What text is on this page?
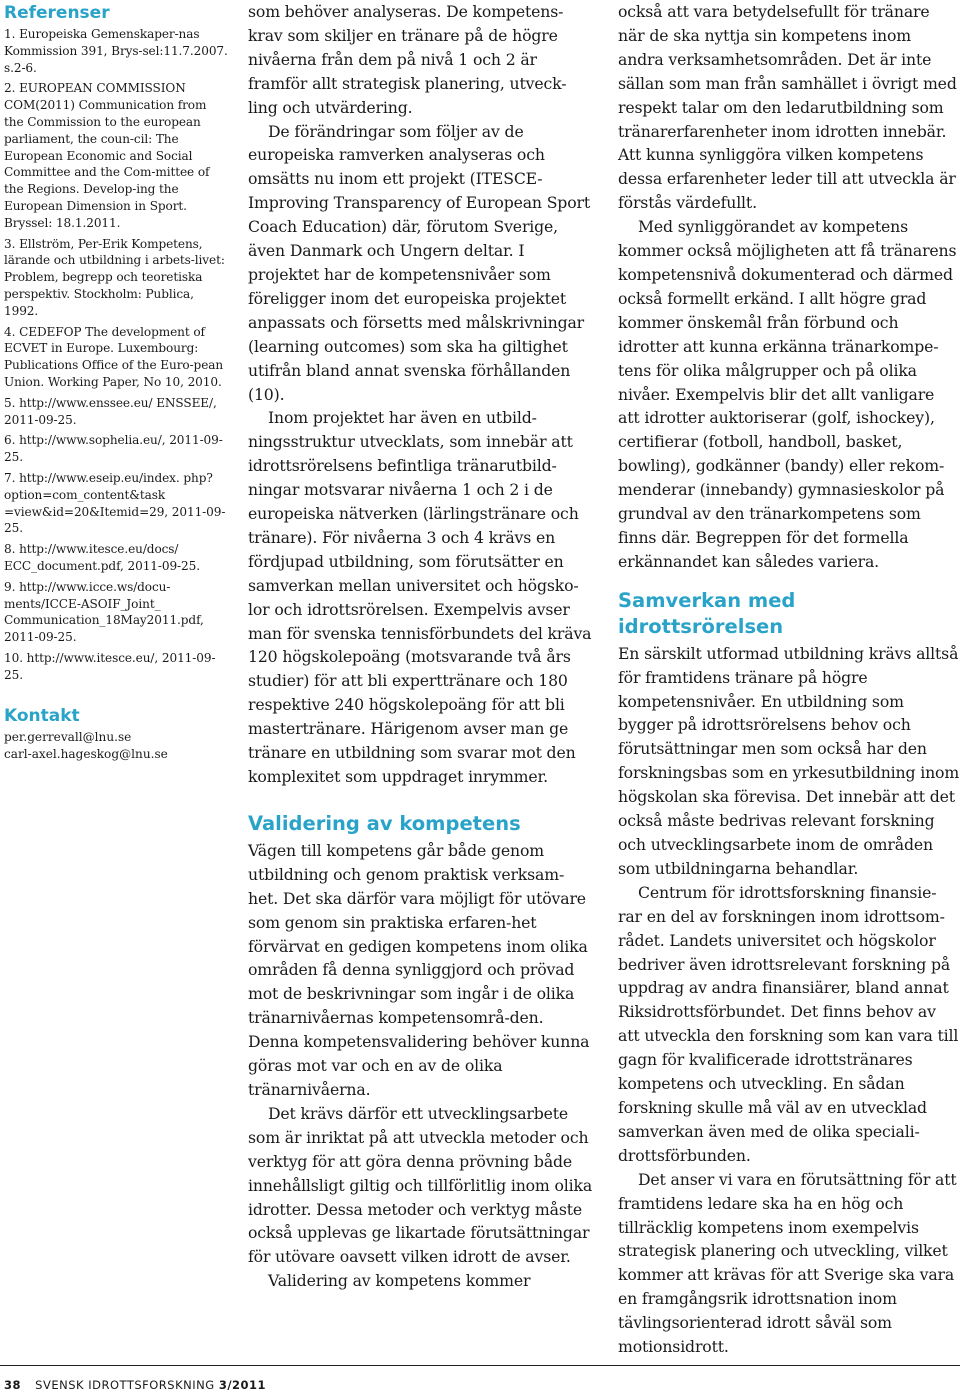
Referenser

1. Europeiska Gemenskaper-nas Kommission 391, Brys-sel:11.7.2007. s.2-6.

2. EUROPEAN COMMISSION COM(2011) Communication from the Commission to the european parliament, the coun-cil: The European Economic and Social Committee and the Com-mittee of the Regions. Develop-ing the European Dimension in Sport. Bryssel: 18.1.2011.

3. Ellström, Per-Erik Kompetens, lärande och utbildning i arbets-livet: Problem, begrepp och teoretiska perspektiv. Stockholm: Publica, 1992.

4. CEDEFOP The development of ECVET in Europe. Luxembourg: Publications Office of the Euro-pean Union. Working Paper, No 10, 2010.

5. http://www.enssee.eu/ ENSSEE/, 2011-09-25.

6. http://www.sophelia.eu/, 2011-09-25.

7. http://www.eseip.eu/index. php?option=com_content&task =view&id=20&Itemid=29, 2011-09-25.

8. http://www.itesce.eu/docs/ ECC_document.pdf, 2011-09-25.

9. http://www.icce.ws/docu-ments/ICCE-ASOIF_Joint_ Communication_18May2011.pdf, 2011-09-25.

10. http://www.itesce.eu/, 2011-09-25.

Kontakt

per.gerrevall@lnu.se

carl-axel.hageskog@lnu.se

som behöver analyseras. De kompetens-krav som skiljer en tränare på de högre nivåerna från dem på nivå 1 och 2 är framför allt strategisk planering, utveck-ling och utvärdering.

De förändringar som följer av de europeiska ramverken analyseras och omsätts nu inom ett projekt (ITESCE-Improving Transparency of European Sport Coach Education) där, förutom Sverige, även Danmark och Ungern deltar. I projektet har de kompetensnivåer som föreligger inom det europeiska projektet anpassats och försetts med målskrivningar (learning outcomes) som ska ha giltighet utifrån bland annat svenska förhållanden (10).

Inom projektet har även en utbild-ningsstruktur utvecklats, som innebär att idrottsrörelsens befintliga tränarutbild-ningar motsvarar nivåerna 1 och 2 i de europeiska nätverken (lärlingstränare och tränare). För nivåerna 3 och 4 krävs en fördjupad utbildning, som förutsätter en samverkan mellan universitet och högsko-lor och idrottsrörelsen. Exempelvis avser man för svenska tennisförbundets del kräva 120 högskolepoäng (motsvarande två års studier) för att bli experttränare och 180 respektive 240 högskolepoäng för att bli mastertränare. Härigenom avser man ge tränare en utbildning som svarar mot den komplexitet som uppdraget inrymmer.

Validering av kompetens

Vägen till kompetens går både genom utbildning och genom praktisk verksam-het. Det ska därför vara möjligt för utövare som genom sin praktiska erfaren-het förvärvat en gedigen kompetens inom olika områden få denna synliggjord och prövad mot de beskrivningar som ingår i de olika tränarnivåernas kompetensområ-den. Denna kompetensvalidering behöver kunna göras mot var och en av de olika tränarnivåerna.

Det krävs därför ett utvecklingsarbete som är inriktat på att utveckla metoder och verktyg för att göra denna prövning både innehållsligt giltig och tillförlitlig inom olika idrotter. Dessa metoder och verktyg måste också upplevas ge likartade förutsättningar för utövare oavsett vilken idrott de avser.

Validering av kompetens kommer

också att vara betydelsefullt för tränare när de ska nyttja sin kompetens inom andra verksamhetsområden. Det är inte sällan som man från samhället i övrigt med respekt talar om den ledarutbildning som tränarerfarenheter inom idrotten innebär. Att kunna synliggöra vilken kompetens dessa erfarenheter leder till att utveckla är förstås värdefullt.

Med synliggörandet av kompetens kommer också möjligheten att få tränarens kompetensnivå dokumenterad och därmed också formellt erkänd. I allt högre grad kommer önskemål från förbund och idrotter att kunna erkänna tränarkompe-tens för olika målgrupper och på olika nivåer. Exempelvis blir det allt vanligare att idrotter auktoriserar (golf, ishockey), certifierar (fotboll, handboll, basket, bowling), godkänner (bandy) eller rekom-menderar (innebandy) gymnasieskolor på grundval av den tränarkompetens som finns där. Begreppen för det formella erkännandet kan således variera.

Samverkan med idrottsrörelsen

En särskilt utformad utbildning krävs alltså för framtidens tränare på högre kompetensnivåer. En utbildning som bygger på idrottsrörelsens behov och förutsättningar men som också har den forskningsbas som en yrkesutbildning inom högskolan ska förevisa. Det innebär att det också måste bedrivas relevant forskning och utvecklingsarbete inom de områden som utbildningarna behandlar.

Centrum för idrottsforskning finansie-rar en del av forskningen inom idrottsom-rådet. Landets universitet och högskolor bedriver även idrottsrelevant forskning på uppdrag av andra finansiärer, bland annat Riksidrottsförbundet. Det finns behov av att utveckla den forskning som kan vara till gagn för kvalificerade idrottstränares kompetens och utveckling. En sådan forskning skulle må väl av en utvecklad samverkan även med de olika speciali-drottsförbunden.

Det anser vi vara en förutsättning för att framtidens ledare ska ha en hög och tillräcklig kompetens inom exempelvis strategisk planering och utveckling, vilket kommer att krävas för att Sverige ska vara en framgångsrik idrottsnation inom tävlingsorienterad idrott såväl som motionsidrott.

38 SVENSK IDROTTSFORSKNING 3/2011
